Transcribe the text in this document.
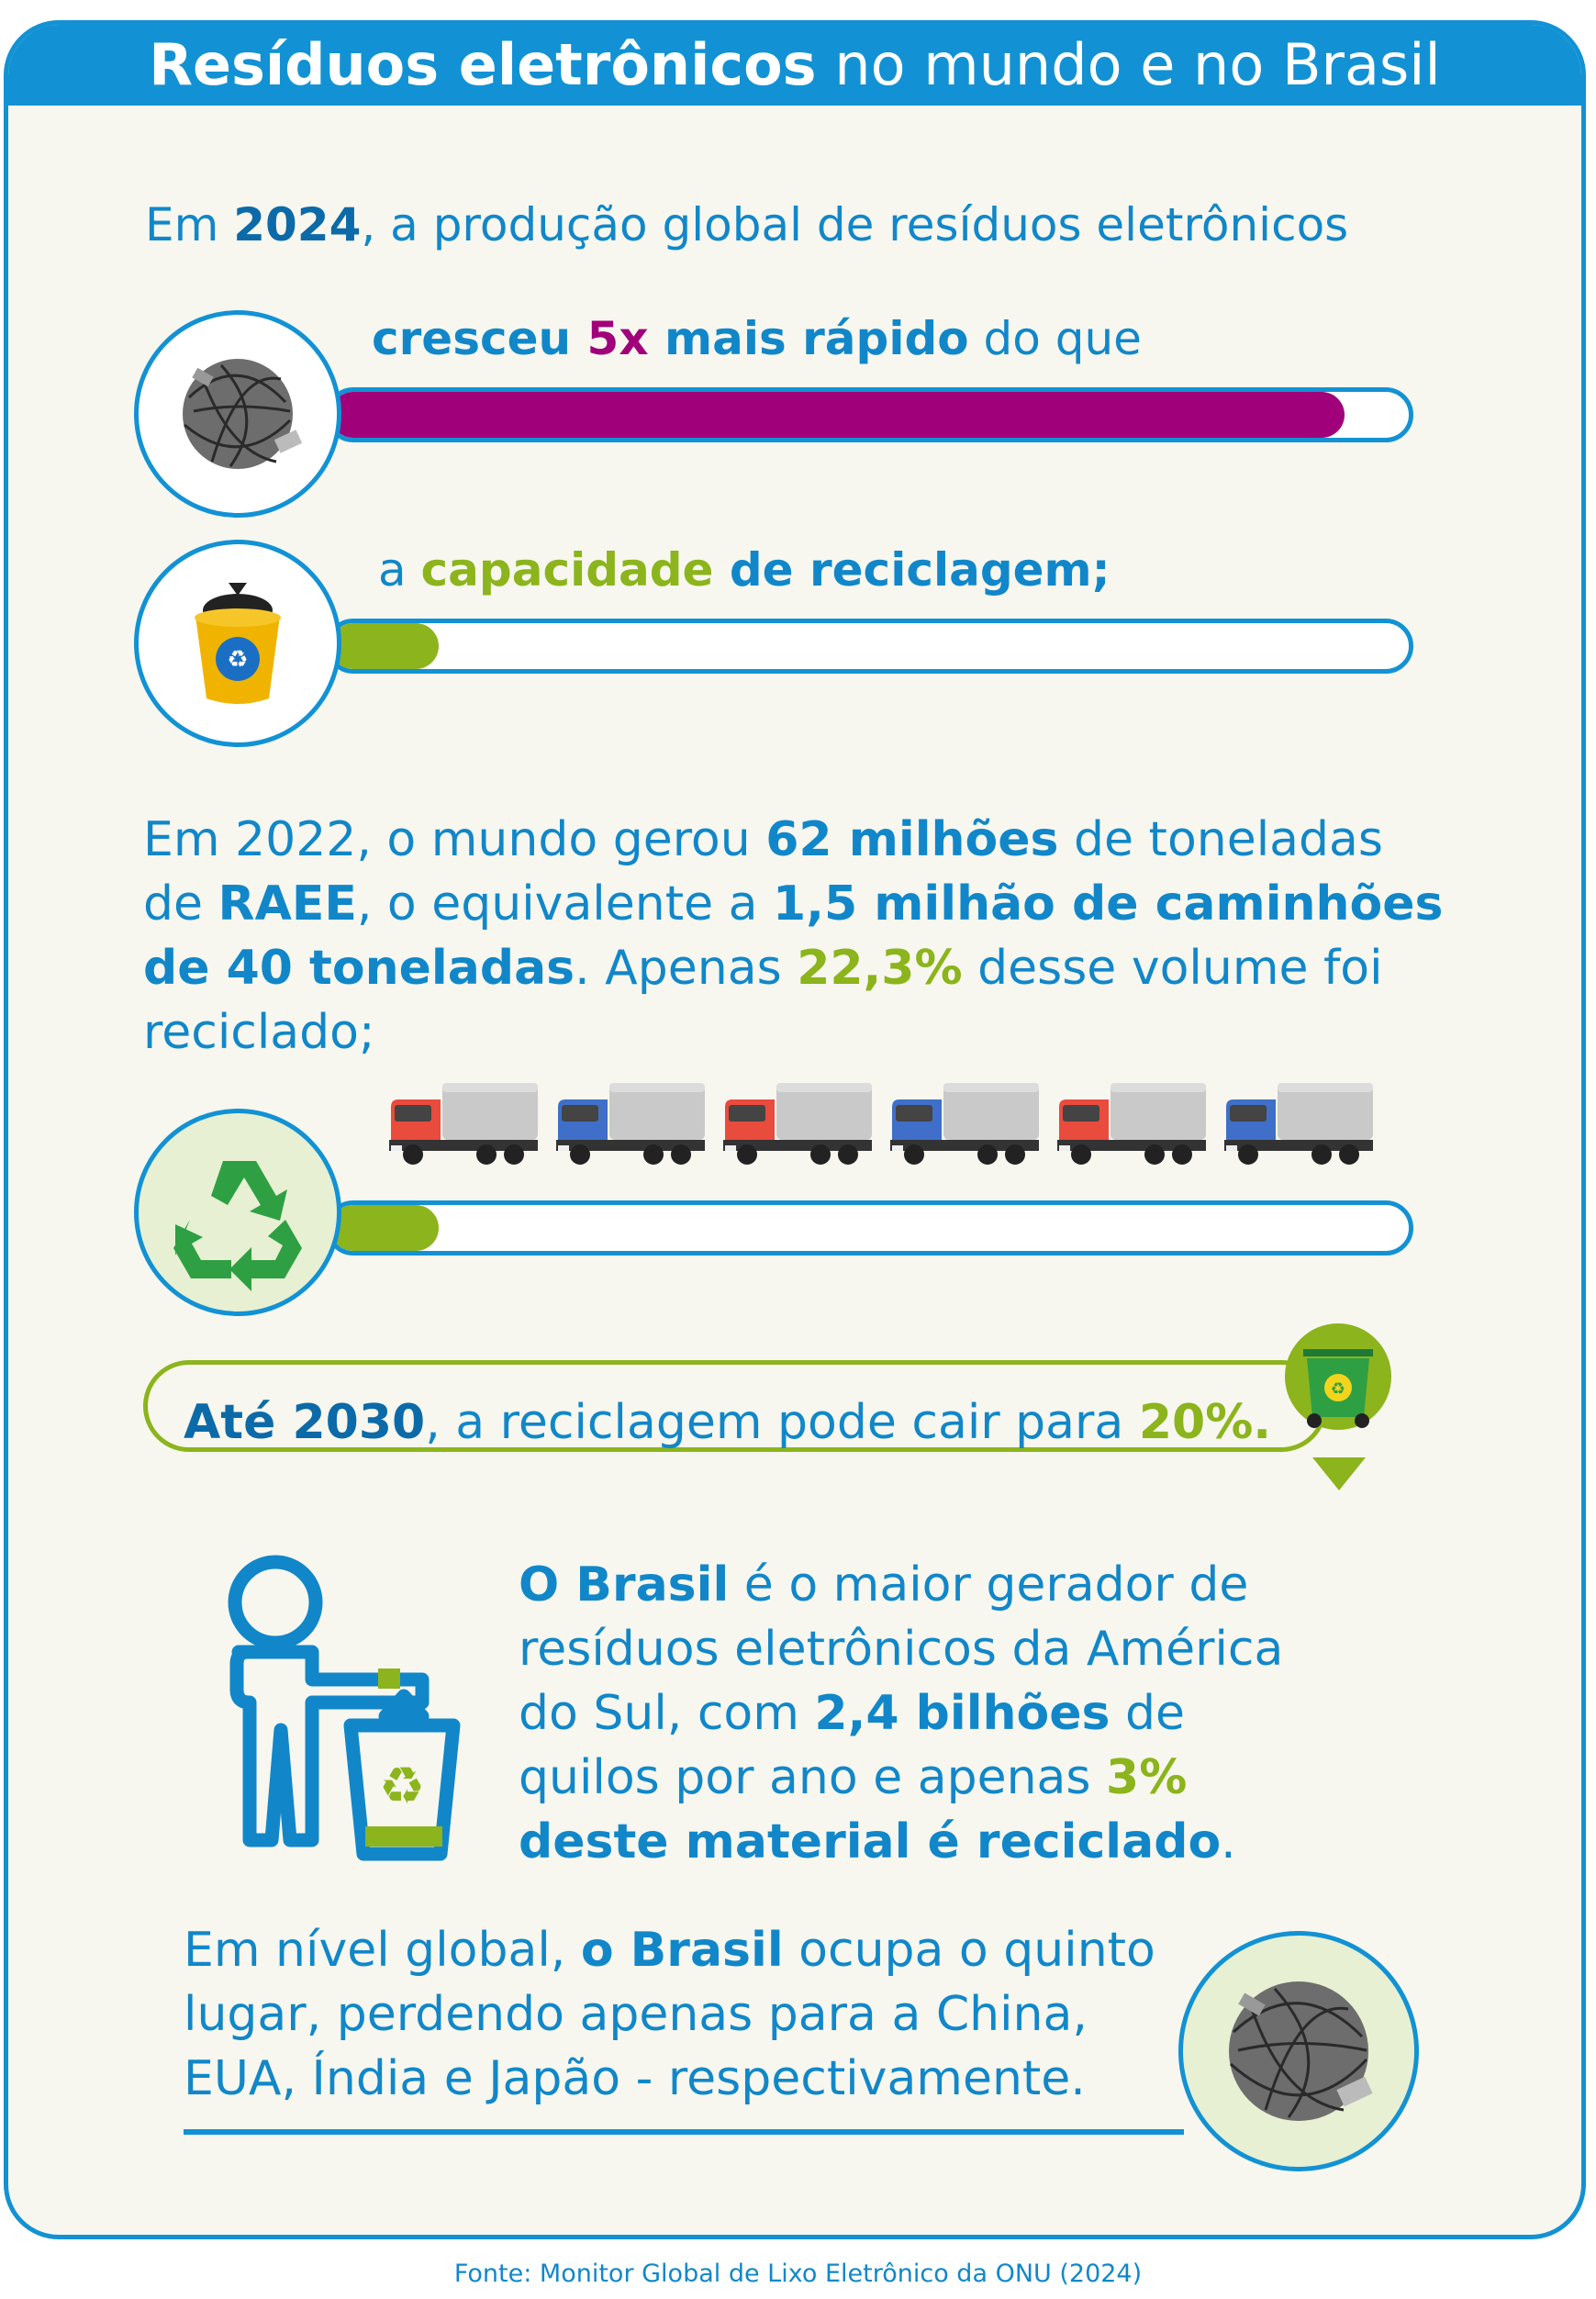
Resíduos eletrônicos no mundo e no Brasil
Em 2024, a produção global de resíduos eletrônicos
cresceu 5x mais rápido do que
a capacidade de reciclagem;
♻
Em 2022, o mundo gerou 62 milhões de toneladas
de RAEE, o equivalente a 1,5 milhão de caminhões
de 40 toneladas. Apenas 22,3% desse volume foi
reciclado;
Até 2030, a reciclagem pode cair para 20%.
♻
♻
O Brasil é o maior gerador de
resíduos eletrônicos da América
do Sul, com 2,4 bilhões de
quilos por ano e apenas 3%
deste material é reciclado.
Em nível global, o Brasil ocupa o quinto
lugar, perdendo apenas para a China,
EUA, Índia e Japão - respectivamente.
Fonte: Monitor Global de Lixo Eletrônico da ONU (2024)
